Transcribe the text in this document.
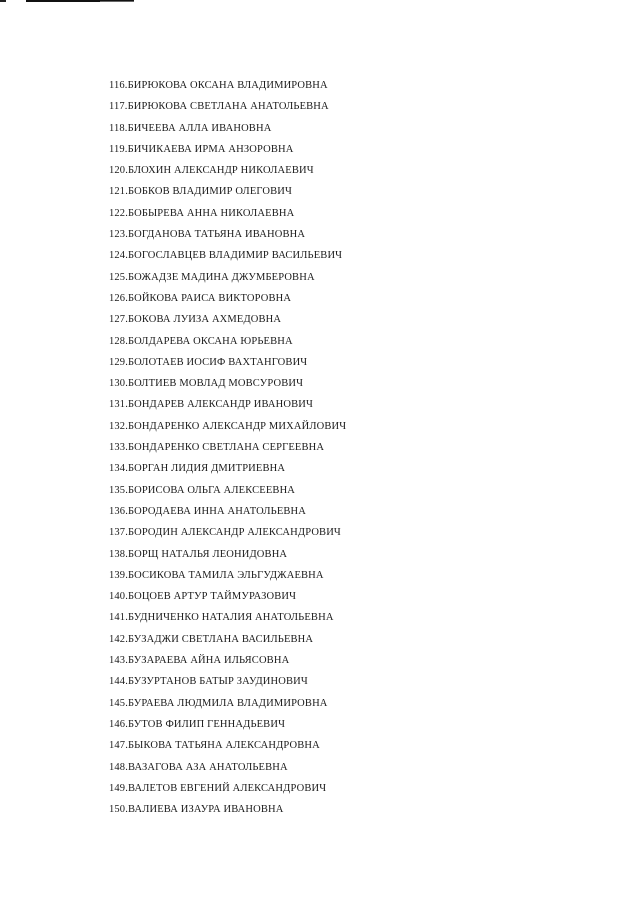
116.БИРЮКОВА ОКСАНА ВЛАДИМИРОВНА
117.БИРЮКОВА СВЕТЛАНА АНАТОЛЬЕВНА
118.БИЧЕЕВА АЛЛА ИВАНОВНА
119.БИЧИКАЕВА ИРМА АНЗОРОВНА
120.БЛОХИН АЛЕКСАНДР НИКОЛАЕВИЧ
121.БОБКОВ ВЛАДИМИР ОЛЕГОВИЧ
122.БОБЫРЕВА АННА НИКОЛАЕВНА
123.БОГДАНОВА ТАТЬЯНА ИВАНОВНА
124.БОГОСЛАВЦЕВ ВЛАДИМИР ВАСИЛЬЕВИЧ
125.БОЖАДЗЕ МАДИНА ДЖУМБЕРОВНА
126.БОЙКОВА РАИСА ВИКТОРОВНА
127.БОКОВА ЛУИЗА АХМЕДОВНА
128.БОЛДАРЕВА ОКСАНА ЮРЬЕВНА
129.БОЛОТАЕВ ИОСИФ ВАХТАНГОВИЧ
130.БОЛТИЕВ МОВЛАД МОВСУРОВИЧ
131.БОНДАРЕВ АЛЕКСАНДР ИВАНОВИЧ
132.БОНДАРЕНКО АЛЕКСАНДР МИХАЙЛОВИЧ
133.БОНДАРЕНКО СВЕТЛАНА СЕРГЕЕВНА
134.БОРГАН ЛИДИЯ ДМИТРИЕВНА
135.БОРИСОВА ОЛЬГА АЛЕКСЕЕВНА
136.БОРОДАЕВА ИННА АНАТОЛЬЕВНА
137.БОРОДИН АЛЕКСАНДР АЛЕКСАНДРОВИЧ
138.БОРЩ НАТАЛЬЯ ЛЕОНИДОВНА
139.БОСИКОВА ТАМИЛА ЭЛЬГУДЖАЕВНА
140.БОЦОЕВ АРТУР ТАЙМУРАЗОВИЧ
141.БУДНИЧЕНКО НАТАЛИЯ АНАТОЛЬЕВНА
142.БУЗАДЖИ СВЕТЛАНА ВАСИЛЬЕВНА
143.БУЗАРАЕВА АЙНА ИЛЬЯСОВНА
144.БУЗУРТАНОВ БАТЫР ЗАУДИНОВИЧ
145.БУРАЕВА ЛЮДМИЛА ВЛАДИМИРОВНА
146.БУТОВ ФИЛИП ГЕННАДЬЕВИЧ
147.БЫКОВА ТАТЬЯНА АЛЕКСАНДРОВНА
148.ВАЗАГОВА АЗА АНАТОЛЬЕВНА
149.ВАЛЕТОВ ЕВГЕНИЙ АЛЕКСАНДРОВИЧ
150.ВАЛИЕВА ИЗАУРА ИВАНОВНА
